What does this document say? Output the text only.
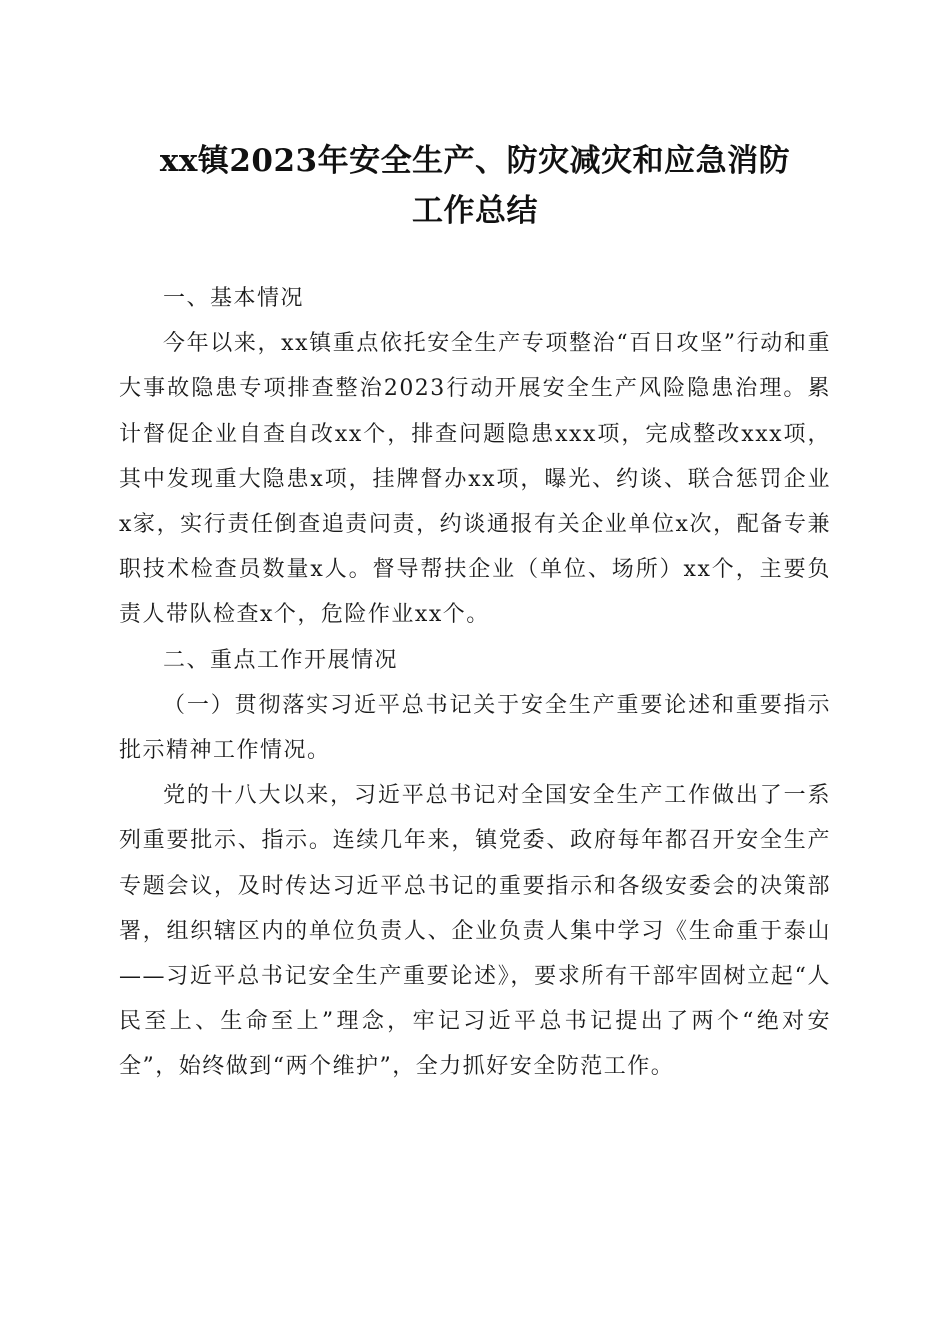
xx镇2023年安全生产、防灾减灾和应急消防
工作总结

一、基本情况

今年以来，xx镇重点依托安全生产专项整治“百日攻坚”行动和重大事故隐患专项排查整治2023行动开展安全生产风险隐患治理。累计督促企业自查自改xx个，排查问题隐患xxx项，完成整改xxx项，其中发现重大隐患x项，挂牌督办xx项，曝光、约谈、联合惩罚企业x家，实行责任倒查追责问责，约谈通报有关企业单位x次，配备专兼职技术检查员数量x人。督导帮扶企业（单位、场所）xx个，主要负责人带队检查x个，危险作业xx个。

二、重点工作开展情况

（一）贯彻落实习近平总书记关于安全生产重要论述和重要指示批示精神工作情况。

党的十八大以来，习近平总书记对全国安全生产工作做出了一系列重要批示、指示。连续几年来，镇党委、政府每年都召开安全生产专题会议，及时传达习近平总书记的重要指示和各级安委会的决策部署，组织辖区内的单位负责人、企业负责人集中学习《生命重于泰山——习近平总书记安全生产重要论述》，要求所有干部牢固树立起“人民至上、生命至上”理念，牢记习近平总书记提出了两个“绝对安全”，始终做到“两个维护”，全力抓好安全防范工作。
